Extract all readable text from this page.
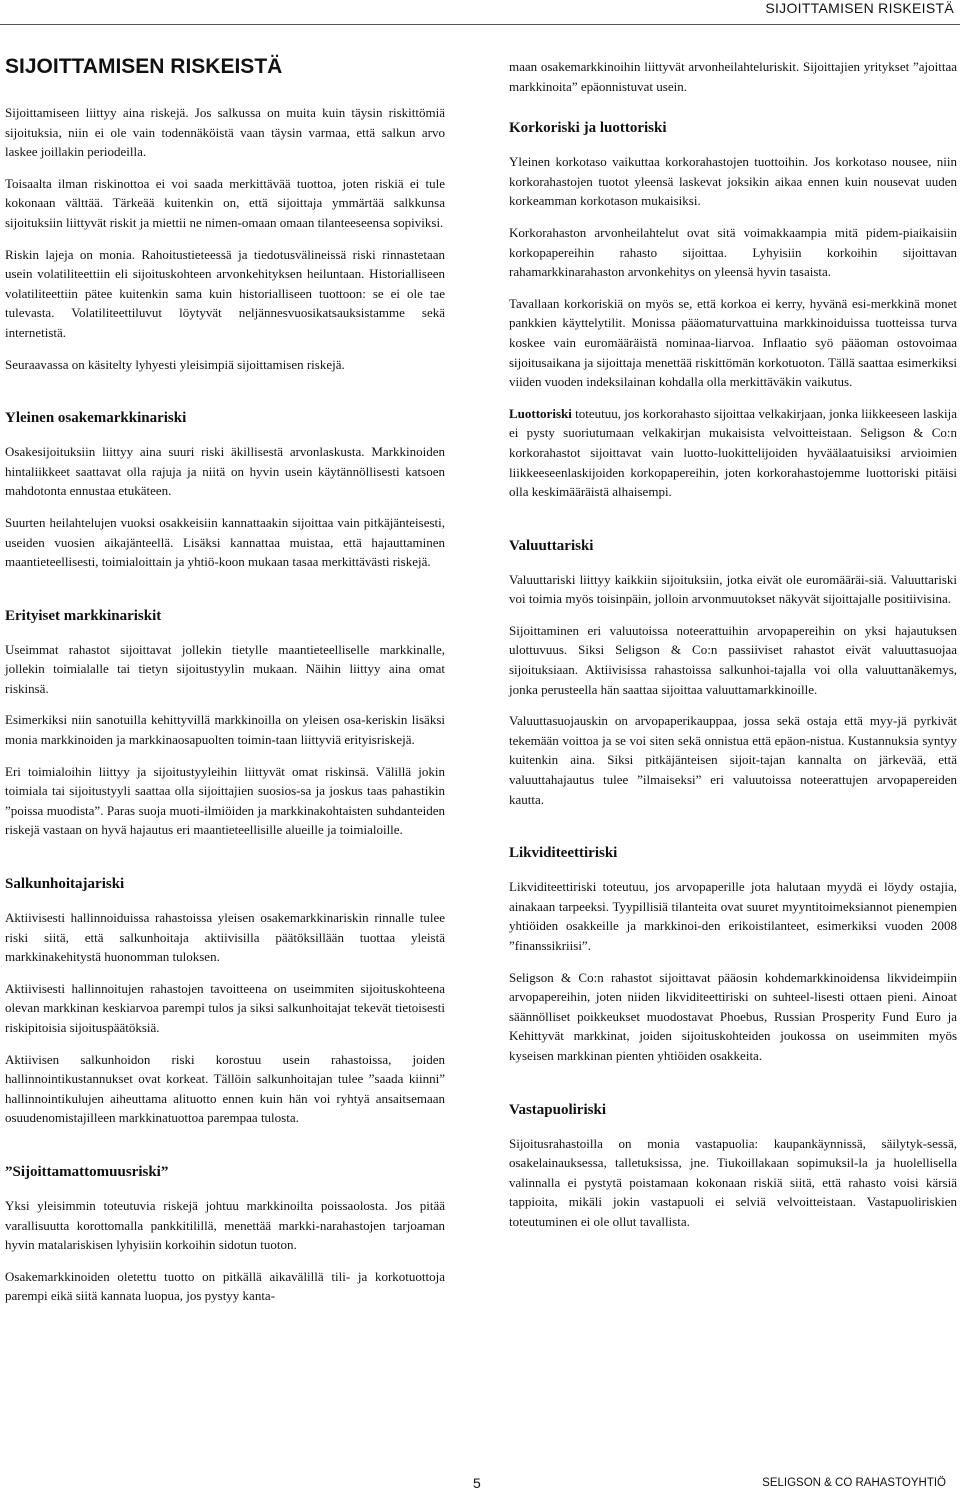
SIJOITTAMISEN RISKEISTÄ
SIJOITTAMISEN RISKEISTÄ

Sijoittamiseen liittyy aina riskejä. Jos salkussa on muita kuin täysin riskittömiä sijoituksia, niin ei ole vain todennäköistä vaan täysin varmaa, että salkun arvo laskee joillakin periodeilla.

Toisaalta ilman riskinottoa ei voi saada merkittävää tuottoa, joten riskiä ei tule kokonaan välttää. Tärkeää kuitenkin on, että sijoittaja ymmärtää salkkunsa sijoituksiin liittyvät riskit ja miettii ne nimen-omaan omaan tilanteeseensa sopiviksi.

Riskin lajeja on monia. Rahoitustieteessä ja tiedotusvälineissä riski rinnastetaan usein volatiliteettiin eli sijoituskohteen arvonkehityksen heiluntaan. Historialliseen volatiliteettiin pätee kuitenkin sama kuin historialliseen tuottoon: se ei ole tae tulevasta. Volatiliteettiluvut löytyvät neljännesvuosikatsauksistamme sekä internetistä.

Seuraavassa on käsitelty lyhyesti yleisimpiä sijoittamisen riskejä.

Yleinen osakemarkkinariski

Osakesijoituksiin liittyy aina suuri riski äkillisestä arvonlaskusta. Markkinoiden hintaliikkeet saattavat olla rajuja ja niitä on hyvin usein käytännöllisesti katsoen mahdotonta ennustaa etukäteen.

Suurten heilahtelujen vuoksi osakkeisiin kannattaakin sijoittaa vain pitkäjänteisesti, useiden vuosien aikajänteellä. Lisäksi kannattaa muistaa, että hajauttaminen maantieteellisesti, toimialoittain ja yhtiö-koon mukaan tasaa merkittävästi riskejä.

Erityiset markkinariskit

Useimmat rahastot sijoittavat jollekin tietylle maantieteelliselle markkinalle, jollekin toimialalle tai tietyn sijoitustyylin mukaan. Näihin liittyy aina omat riskinsä.

Esimerkiksi niin sanotuilla kehittyvillä markkinoilla on yleisen osa-keriskin lisäksi monia markkinoiden ja markkinaosapuolten toimin-taan liittyviä erityisriskejä.

Eri toimialoihin liittyy ja sijoitustyyleihin liittyvät omat riskinsä. Välillä jokin toimiala tai sijoitustyyli saattaa olla sijoittajien suosios-sa ja joskus taas pahastikin ”poissa muodista”. Paras suoja muoti-ilmiöiden ja markkinakohtaisten suhdanteiden riskejä vastaan on hyvä hajautus eri maantieteellisille alueille ja toimialoille.

Salkunhoitajariski

Aktiivisesti hallinnoiduissa rahastoissa yleisen osakemarkkinariskin rinnalle tulee riski siitä, että salkunhoitaja aktiivisilla päätöksillään tuottaa yleistä markkinakehitystä huonomman tuloksen.

Aktiivisesti hallinnoitujen rahastojen tavoitteena on useimmiten sijoituskohteena olevan markkinan keskiarvoa parempi tulos ja siksi salkunhoitajat tekevät tietoisesti riskipitoisia sijoituspäätöksiä.

Aktiivisen salkunhoidon riski korostuu usein rahastoissa, joiden hallinnointikustannukset ovat korkeat. Tällöin salkunhoitajan tulee ”saada kiinni” hallinnointikulujen aiheuttama alituotto ennen kuin hän voi ryhtyä ansaitsemaan osuudenomistajilleen markkinatuottoa parempaa tulosta.

”Sijoittamattomuusriski”

Yksi yleisimmin toteutuvia riskejä johtuu markkinoilta poissaolosta. Jos pitää varallisuutta korottomalla pankkitilillä, menettää markki-narahastojen tarjoaman hyvin matalariskisen lyhyisiin korkoihin sidotun tuoton.

Osakemarkkinoiden oletettu tuotto on pitkällä aikavälillä tili- ja korkotuottoja parempi eikä siitä kannata luopua, jos pystyy kanta-

maan osakemarkkinoihin liittyvät arvonheilahteluriskit. Sijoittajien yritykset ”ajoittaa markkinoita” epäonnistuvat usein.

Korkoriski ja luottoriski

Yleinen korkotaso vaikuttaa korkorahastojen tuottoihin. Jos korkotaso nousee, niin korkorahastojen tuotot yleensä laskevat joksikin aikaa ennen kuin nousevat uuden korkeamman korkotason mukaisiksi.

Korkorahaston arvonheilahtelut ovat sitä voimakkaampia mitä pidem-piaikaisiin korkopapereihin rahasto sijoittaa. Lyhyisiin korkoihin sijoittavan rahamarkkinarahaston arvonkehitys on yleensä hyvin tasaista.

Tavallaan korkoriskiä on myös se, että korkoa ei kerry, hyvänä esi-merkkinä monet pankkien käyttelytilit. Monissa pääomaturvattuina markkinoiduissa tuotteissa turva koskee vain euromääräistä nominaa-liarvoa. Inflaatio syö pääoman ostovoimaa sijoitusaikana ja sijoittaja menettää riskittömän korkotuoton. Tällä saattaa esimerkiksi viiden vuoden indeksilainan kohdalla olla merkittäväkin vaikutus.

Luottoriski toteutuu, jos korkorahasto sijoittaa velkakirjaan, jonka liikkeeseen laskija ei pysty suoriutumaan velkakirjan mukaisista velvoitteistaan. Seligson & Co:n korkorahastot sijoittavat vain luotto-luokittelijoiden hyväälaatuisiksi arvioimien liikkeeseenlaskijoiden korkopapereihin, joten korkorahastojemme luottoriski pitäisi olla keskimääräistä alhaisempi.

Valuuttariski

Valuuttariski liittyy kaikkiin sijoituksiin, jotka eivät ole euromääräi-siä. Valuuttariski voi toimia myös toisinpäin, jolloin arvonmuutokset näkyvät sijoittajalle positiivisina.

Sijoittaminen eri valuutoissa noteerattuihin arvopapereihin on yksi hajautuksen ulottuvuus. Siksi Seligson & Co:n passiiviset rahastot eivät valuuttasuojaa sijoituksiaan. Aktiivisissa rahastoissa salkunhoi-tajalla voi olla valuuttanäkemys, jonka perusteella hän saattaa sijoittaa valuuttamarkkinoille.

Valuuttasuojauskin on arvopaperikauppaa, jossa sekä ostaja että myy-jä pyrkivät tekemään voittoa ja se voi siten sekä onnistua että epäon-nistua. Kustannuksia syntyy kuitenkin aina. Siksi pitkäjänteisen sijoit-tajan kannalta on järkevää, että valuuttahajautus tulee ”ilmaiseksi” eri valuutoissa noteerattujen arvopapereiden kautta.

Likviditeettiriski

Likviditeettiriski toteutuu, jos arvopaperille jota halutaan myydä ei löydy ostajia, ainakaan tarpeeksi. Tyypillisiä tilanteita ovat suuret myyntitoimeksiannot pienempien yhtiöiden osakkeille ja markkinoi-den erikoistilanteet, esimerkiksi vuoden 2008 ”finanssikriisi”.

Seligson & Co:n rahastot sijoittavat pääosin kohdemarkkinoidensa likvideimpiin arvopapereihin, joten niiden likviditeettiriski on suhteel-lisesti ottaen pieni. Ainoat säännölliset poikkeukset muodostavat Phoebus, Russian Prosperity Fund Euro ja Kehittyvät markkinat, joiden sijoituskohteiden joukossa on useimmiten myös kyseisen markkinan pienten yhtiöiden osakkeita.

Vastapuoliriski

Sijoitusrahastoilla on monia vastapuolia: kaupankäynnissä, säilytyk-sessä, osakelainauksessa, talletuksissa, jne. Tiukoillakaan sopimuksil-la ja huolellisella valinnalla ei pystytä poistamaan kokonaan riskiä siitä, että rahasto voisi kärsiä tappioita, mikäli jokin vastapuoli ei selviä velvoitteistaan. Vastapuoliriskien toteutuminen ei ole ollut tavallista.

5	SELIGSON & CO RAHASTOYHTIÖ
